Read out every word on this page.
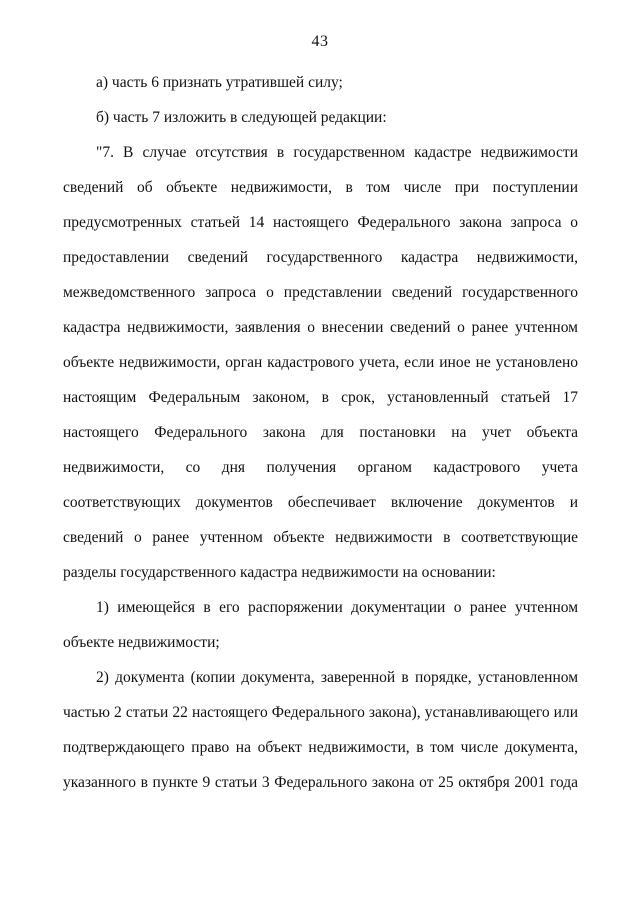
43
а) часть 6 признать утратившей силу;
б) часть 7 изложить в следующей редакции:
"7. В случае отсутствия в государственном кадастре недвижимости
сведений об объекте недвижимости, в том числе при поступлении
предусмотренных статьей 14 настоящего Федерального закона запроса о
предоставлении сведений государственного кадастра недвижимости,
межведомственного запроса о представлении сведений государственного
кадастра недвижимости, заявления о внесении сведений о ранее учтенном
объекте недвижимости, орган кадастрового учета, если иное не установлено
настоящим Федеральным законом, в срок, установленный статьей 17
настоящего Федерального закона для постановки на учет объекта
недвижимости, со дня получения органом кадастрового учета
соответствующих документов обеспечивает включение документов и
сведений о ранее учтенном объекте недвижимости в соответствующие
разделы государственного кадастра недвижимости на основании:
1) имеющейся в его распоряжении документации о ранее учтенном
объекте недвижимости;
2) документа (копии документа, заверенной в порядке, установленном
частью 2 статьи 22 настоящего Федерального закона), устанавливающего или
подтверждающего право на объект недвижимости, в том числе документа,
указанного в пункте 9 статьи 3 Федерального закона от 25 октября 2001 года
